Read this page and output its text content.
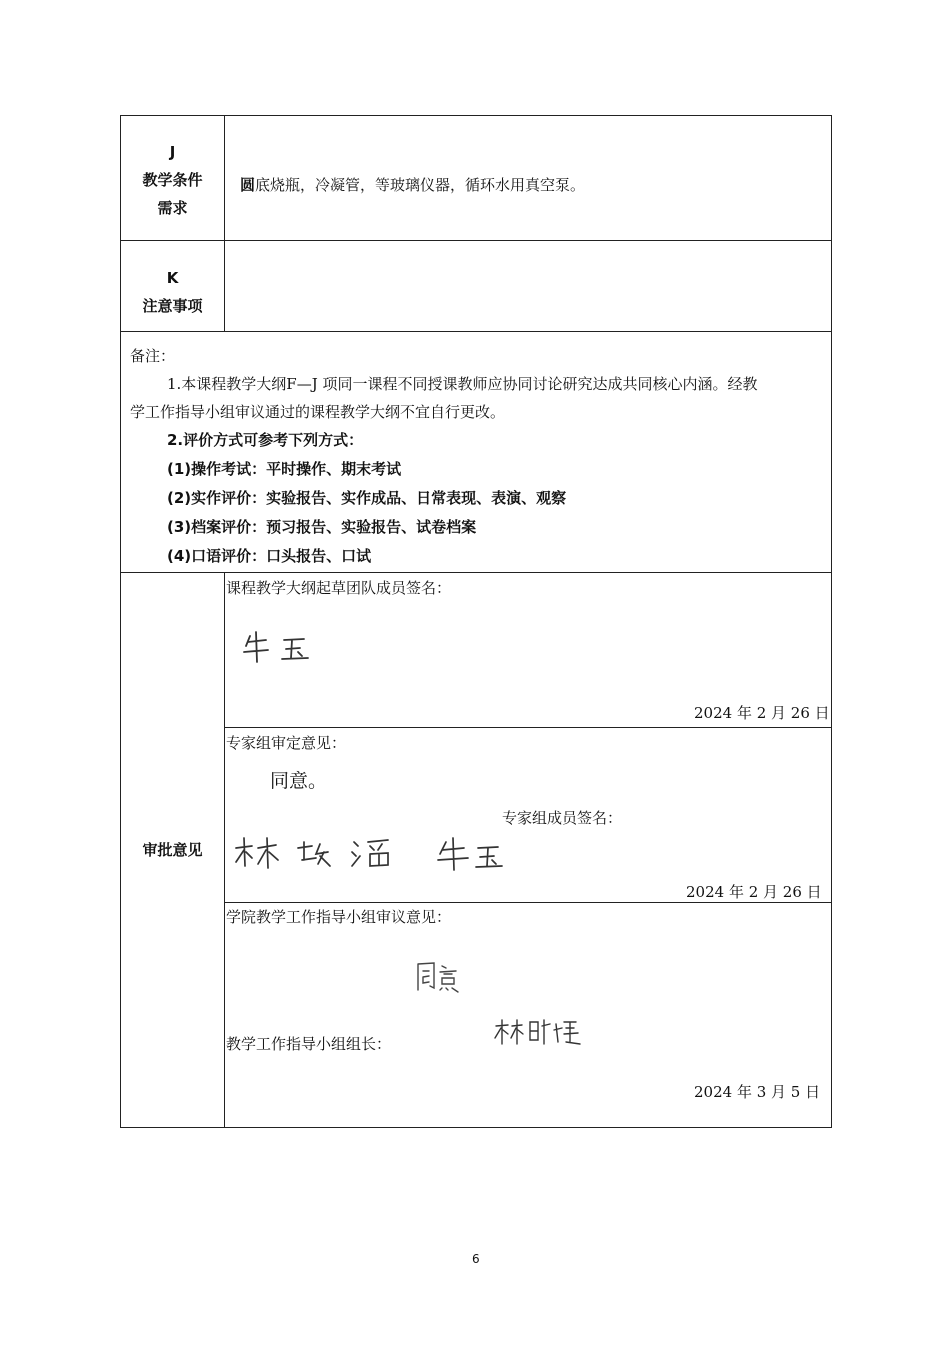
J
教学条件
需求
圆底烧瓶，冷凝管，等玻璃仪器，循环水用真空泵。
K
注意事项
备注：
1.本课程教学大纲F—J 项同一课程不同授课教师应协同讨论研究达成共同核心内涵。经教
学工作指导小组审议通过的课程教学大纲不宜自行更改。
2.评价方式可参考下列方式：
(1)操作考试：平时操作、期末考试
(2)实作评价：实验报告、实作成品、日常表现、表演、观察
(3)档案评价：预习报告、实验报告、试卷档案
(4)口语评价：口头报告、口试
审批意见
课程教学大纲起草团队成员签名：
2024 年 2 月 26 日
专家组审定意见：
同意。
专家组成员签名：
2024 年 2 月 26 日
学院教学工作指导小组审议意见：
教学工作指导小组组长：
2024 年 3 月 5 日
6
